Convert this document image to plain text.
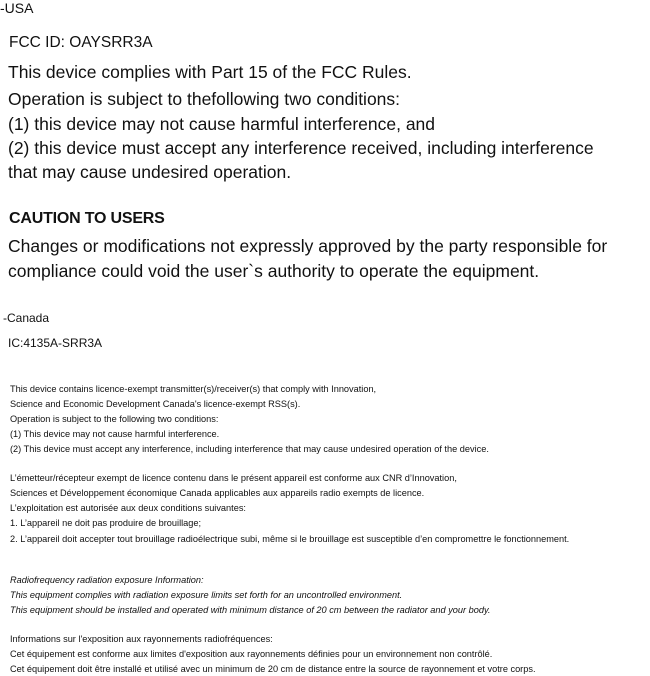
-USA
FCC ID: OAYSRR3A
This device complies with Part 15 of the FCC Rules.
Operation is subject to thefollowing two conditions:
(1) this device may not cause harmful interference, and
(2) this device must accept any interference received, including interference
that may cause undesired operation.
CAUTION TO USERS
Changes or modifications not expressly approved by the party responsible for
compliance could void the user`s authority to operate the equipment.
-Canada
IC:4135A-SRR3A
This device contains licence-exempt transmitter(s)/receiver(s) that comply with Innovation,
Science and Economic Development Canada's licence-exempt RSS(s).
Operation is subject to the following two conditions:
(1) This device may not cause harmful interference.
(2) This device must accept any interference, including interference that may cause undesired operation of the device.
L’émetteur/récepteur exempt de licence contenu dans le présent appareil est conforme aux CNR d’Innovation,
Sciences et Développement économique Canada applicables aux appareils radio exempts de licence.
L’exploitation est autorisée aux deux conditions suivantes:
1. L’appareil ne doit pas produire de brouillage;
2. L’appareil doit accepter tout brouillage radioélectrique subi, même si le brouillage est susceptible d’en compromettre le fonctionnement.
Radiofrequency radiation exposure Information:
This equipment complies with radiation exposure limits set forth for an uncontrolled environment.
This equipment should be installed and operated with minimum distance of 20 cm between the radiator and your body.
Informations sur l'exposition aux rayonnements radiofréquences:
Cet équipement est conforme aux limites d'exposition aux rayonnements définies pour un environnement non contrôlé.
Cet équipement doit être installé et utilisé avec un minimum de 20 cm de distance entre la source de rayonnement et votre corps.
